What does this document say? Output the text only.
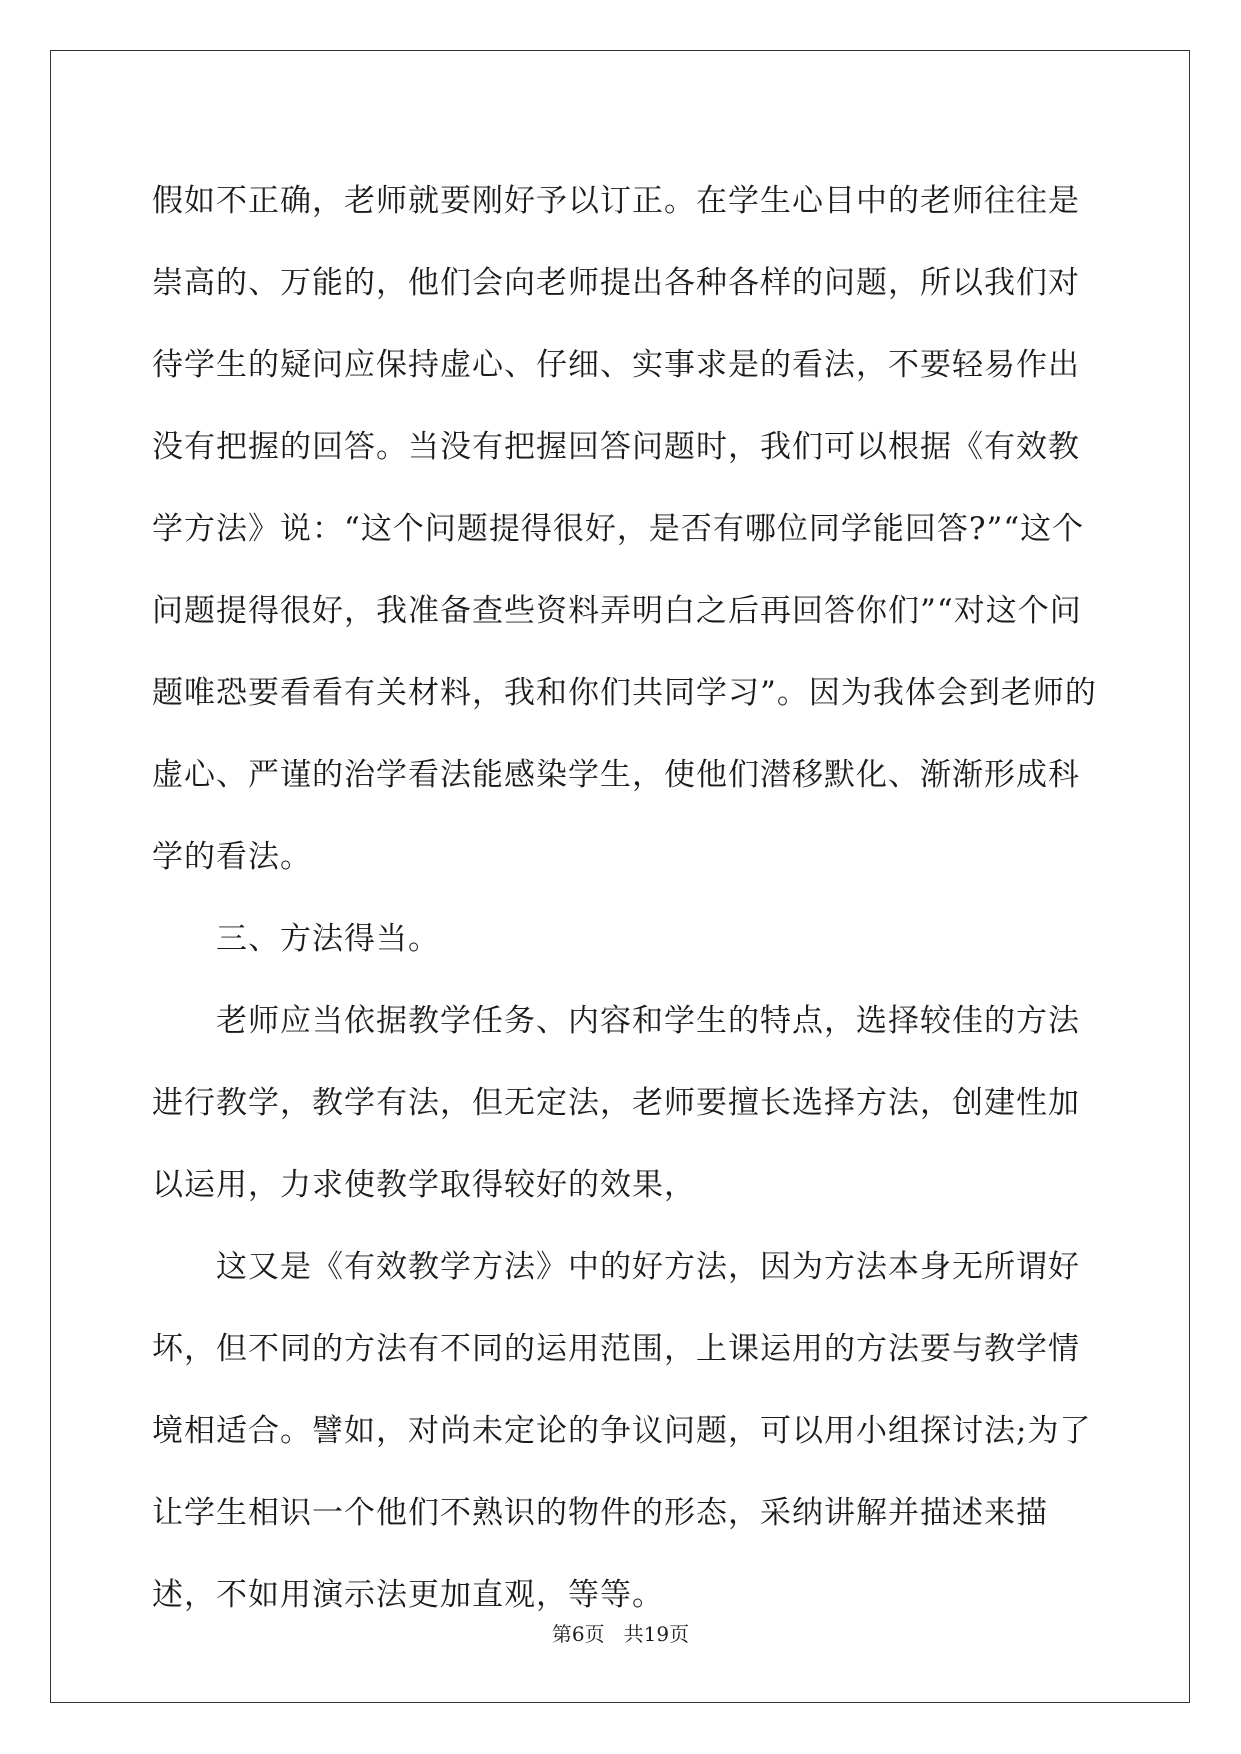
假如不正确，老师就要刚好予以订正。在学生心目中的老师往往是崇高的、万能的，他们会向老师提出各种各样的问题，所以我们对待学生的疑问应保持虚心、仔细、实事求是的看法，不要轻易作出没有把握的回答。当没有把握回答问题时，我们可以根据《有效教学方法》说：“这个问题提得很好，是否有哪位同学能回答?”“这个问题提得很好，我准备查些资料弄明白之后再回答你们”“对这个问题唯恐要看看有关材料，我和你们共同学习”。因为我体会到老师的虚心、严谨的治学看法能感染学生，使他们潜移默化、渐渐形成科学的看法。

三、方法得当。

老师应当依据教学任务、内容和学生的特点，选择较佳的方法进行教学，教学有法，但无定法，老师要擅长选择方法，创建性加以运用，力求使教学取得较好的效果，

这又是《有效教学方法》中的好方法，因为方法本身无所谓好坏，但不同的方法有不同的运用范围，上课运用的方法要与教学情境相适合。譬如，对尚未定论的争议问题，可以用小组探讨法;为了让学生相识一个他们不熟识的物件的形态，采纳讲解并描述来描述，不如用演示法更加直观，等等。

第6页 共19页
